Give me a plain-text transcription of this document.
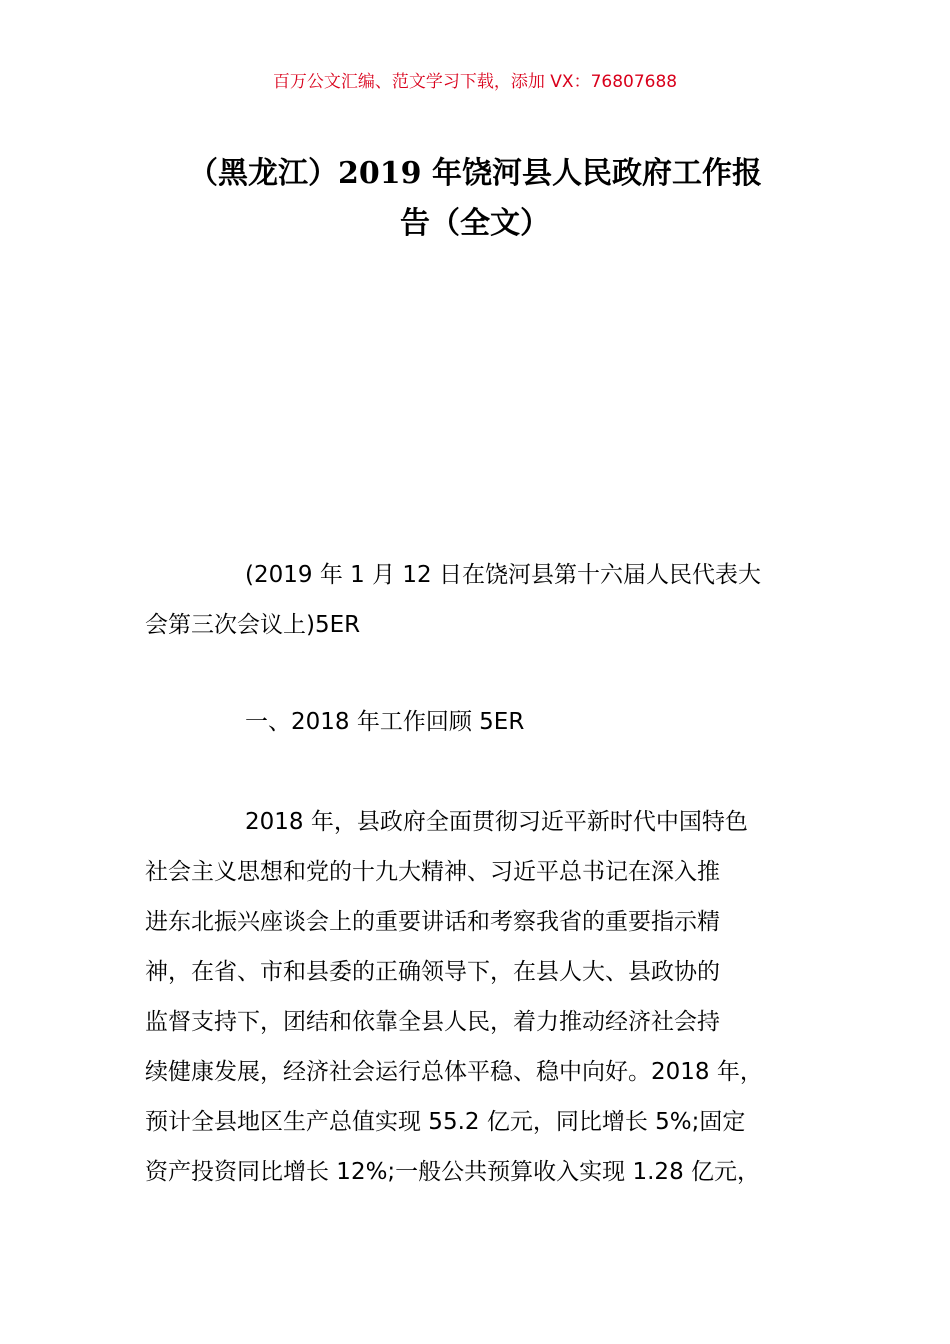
百万公文汇编、范文学习下载，添加 VX：76807688
（黑龙江）2019 年饶河县人民政府工作报
告（全文）
(2019 年 1 月 12 日在饶河县第十六届人民代表大
会第三次会议上)5ER
一、2018 年工作回顾 5ER
2018 年，县政府全面贯彻习近平新时代中国特色
社会主义思想和党的十九大精神、习近平总书记在深入推
进东北振兴座谈会上的重要讲话和考察我省的重要指示精
神，在省、市和县委的正确领导下，在县人大、县政协的
监督支持下，团结和依靠全县人民，着力推动经济社会持
续健康发展，经济社会运行总体平稳、稳中向好。2018 年，
预计全县地区生产总值实现 55.2 亿元，同比增长 5%;固定
资产投资同比增长 12%;一般公共预算收入实现 1.28 亿元，
